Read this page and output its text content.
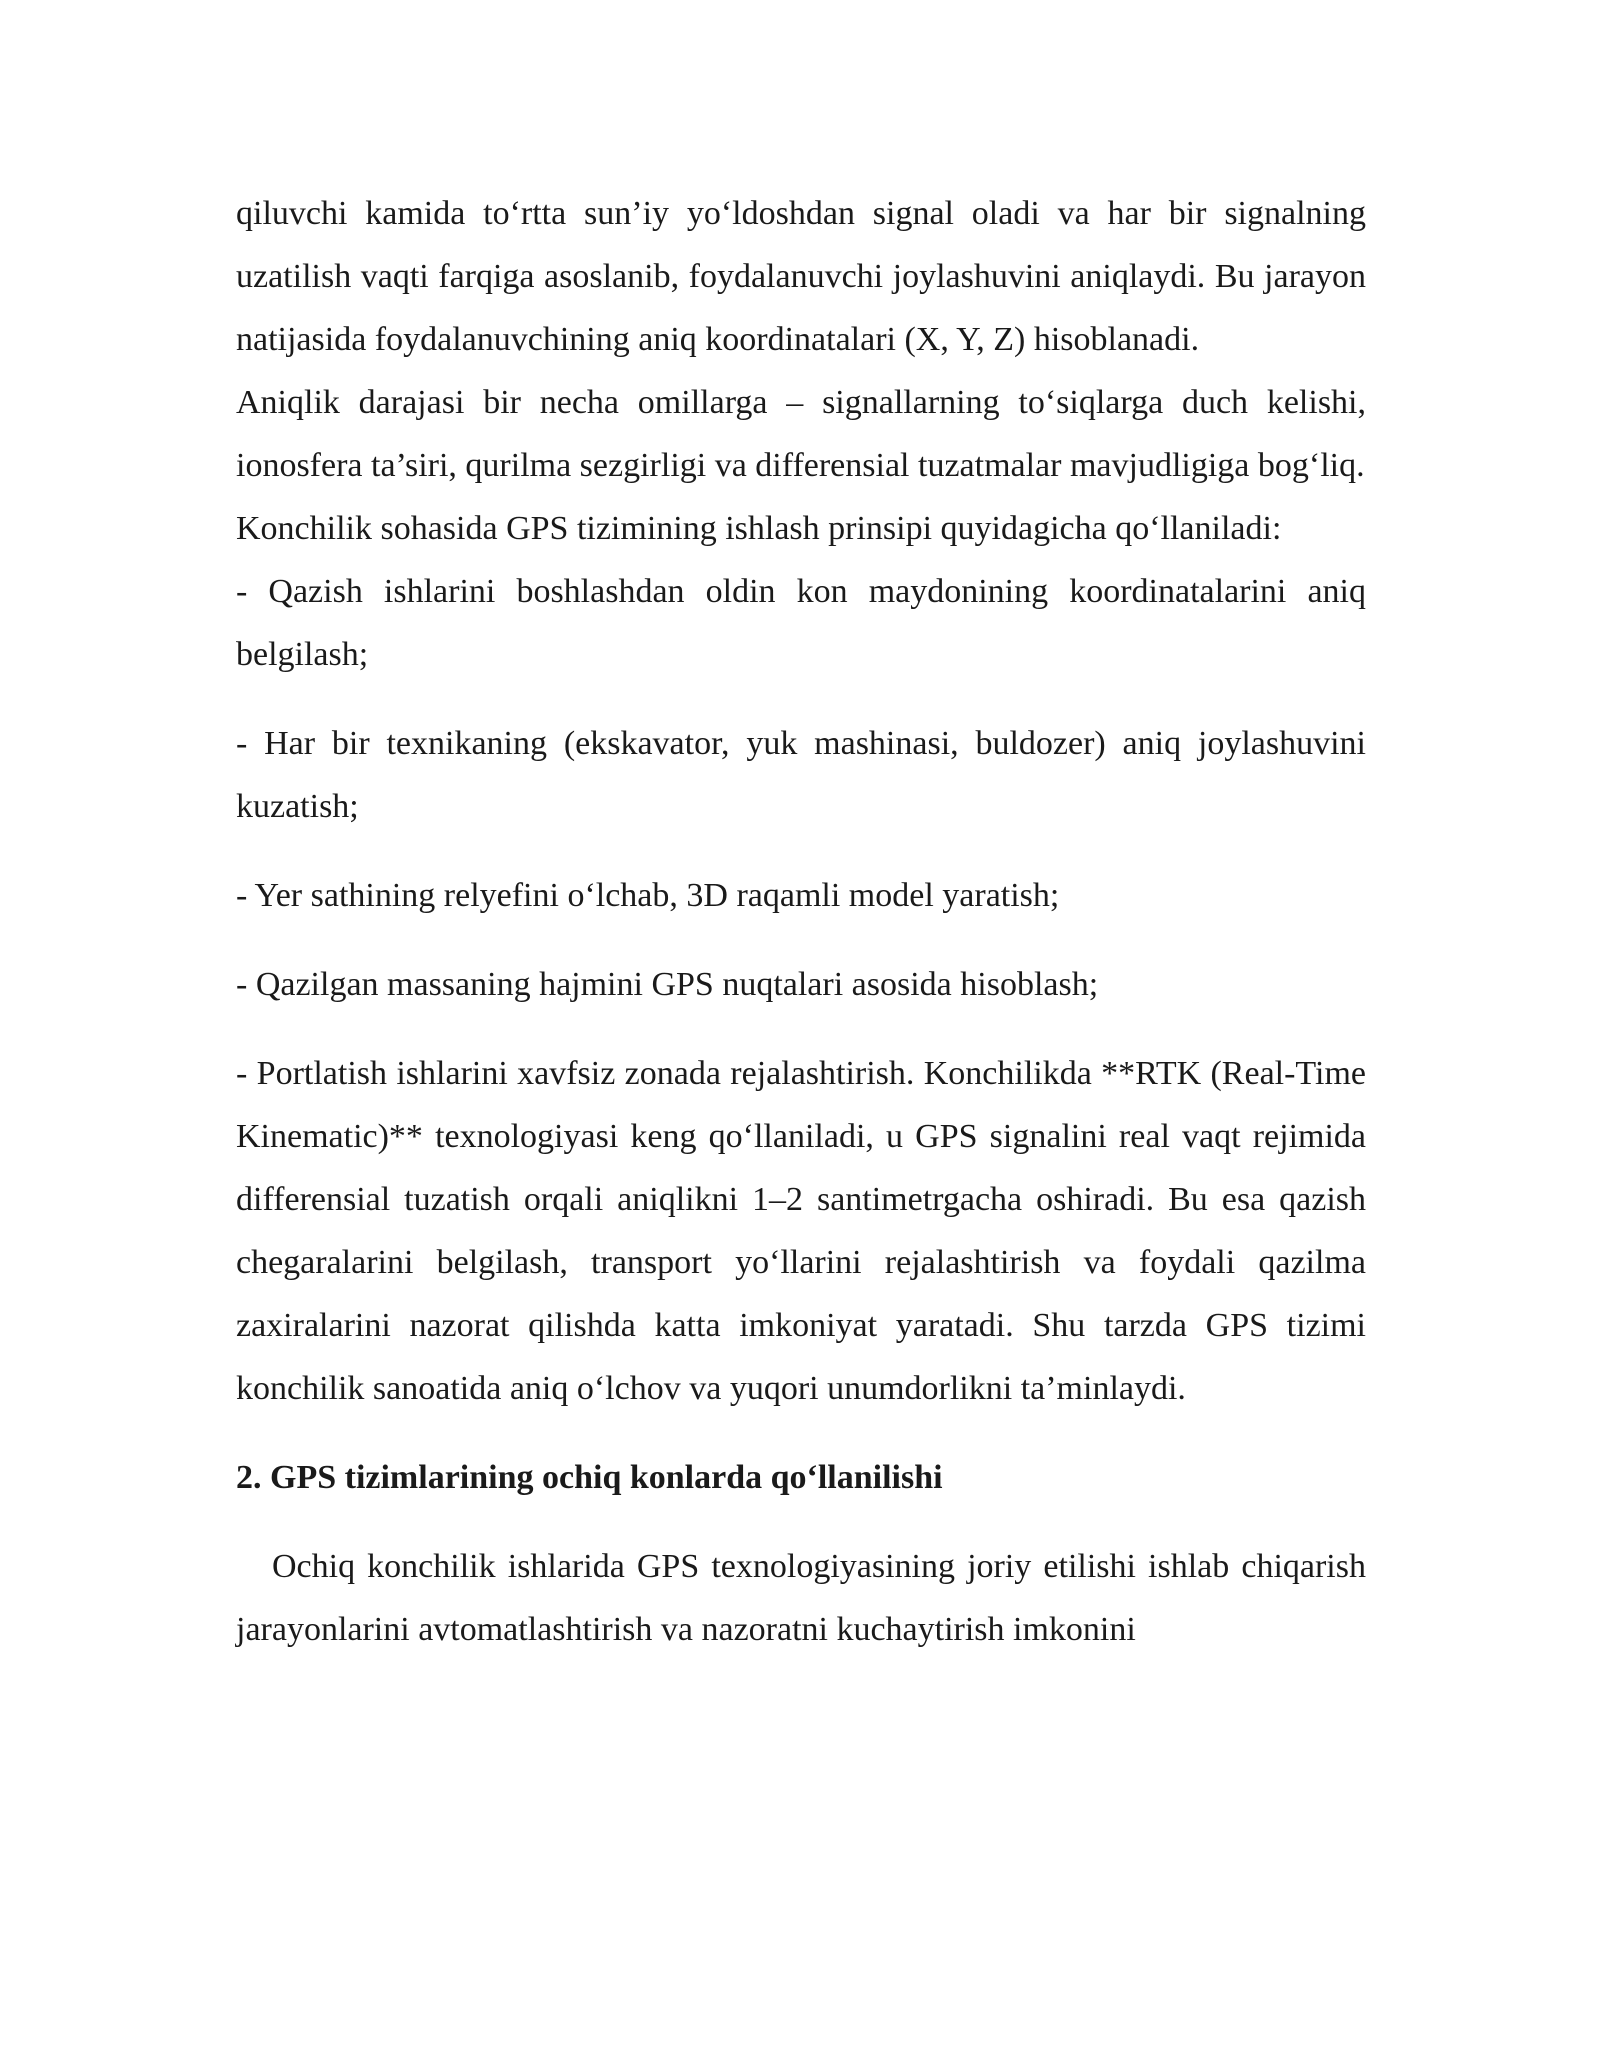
qiluvchi kamida to‘rtta sun’iy yo‘ldoshdan signal oladi va har bir signalning uzatilish vaqti farqiga asoslanib, foydalanuvchi joylashuvini aniqlaydi. Bu jarayon natijasida foydalanuvchining aniq koordinatalari (X, Y, Z) hisoblanadi.

Aniqlik darajasi bir necha omillarga – signallarning to‘siqlarga duch kelishi, ionosfera ta’siri, qurilma sezgirligi va differensial tuzatmalar mavjudligiga bog‘liq.

Konchilik sohasida GPS tizimining ishlash prinsipi quyidagicha qo‘llaniladi:

- Qazish ishlarini boshlashdan oldin kon maydonining koordinatalarini aniq belgilash;

- Har bir texnikaning (ekskavator, yuk mashinasi, buldozer) aniq joylashuvini kuzatish;

- Yer sathining relyefini o‘lchab, 3D raqamli model yaratish;

- Qazilgan massaning hajmini GPS nuqtalari asosida hisoblash;

- Portlatish ishlarini xavfsiz zonada rejalashtirish. Konchilikda **RTK (Real-Time Kinematic)** texnologiyasi keng qo‘llaniladi, u GPS signalini real vaqt rejimida differensial tuzatish orqali aniqlikni 1–2 santimetrgacha oshiradi. Bu esa qazish chegaralarini belgilash, transport yo‘llarini rejalashtirish va foydali qazilma zaxiralarini nazorat qilishda katta imkoniyat yaratadi. Shu tarzda GPS tizimi konchilik sanoatida aniq o‘lchov va yuqori unumdorlikni ta’minlaydi.

2. GPS tizimlarining ochiq konlarda qo‘llanilishi

Ochiq konchilik ishlarida GPS texnologiyasining joriy etilishi ishlab chiqarish jarayonlarini avtomatlashtirish va nazoratni kuchaytirish imkonini
